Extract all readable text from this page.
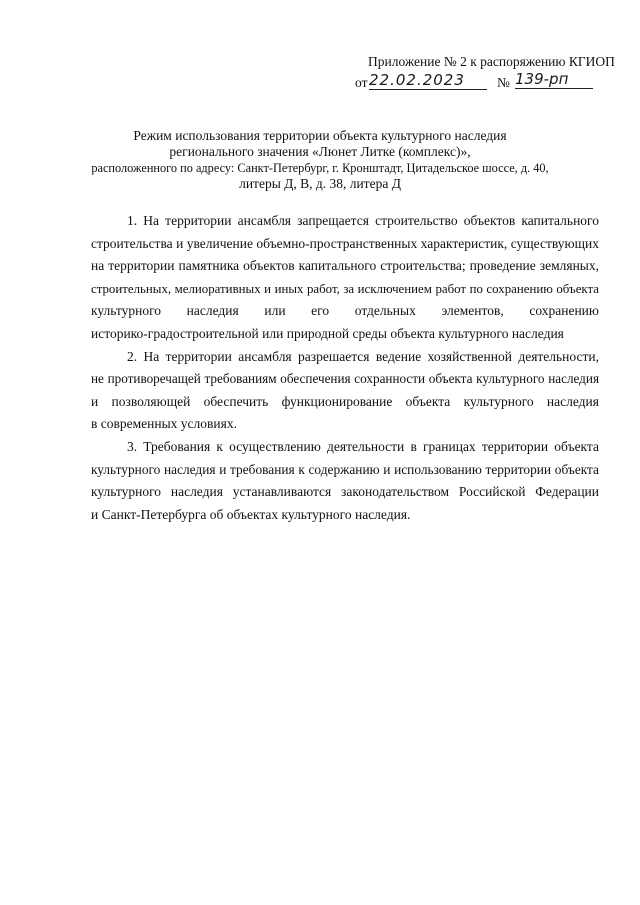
Приложение № 2 к распоряжению КГИОП
от 22.02.2023	№ 139-рп
Режим использования территории объекта культурного наследия
регионального значения «Люнет Литке (комплекс)»,
расположенного по адресу: Санкт-Петербург, г. Кронштадт, Цитадельское шоссе, д. 40,
литеры Д, В, д. 38, литера Д
1. На территории ансамбля запрещается строительство объектов капитального
строительства и увеличение объемно-пространственных характеристик, существующих
на территории памятника объектов капитального строительства; проведение земляных,
строительных, мелиоративных и иных работ, за исключением работ по сохранению объекта
культурного наследия или его отдельных элементов, сохранению
историко-градостроительной или природной среды объекта культурного наследия
2. На территории ансамбля разрешается ведение хозяйственной деятельности,
не противоречащей требованиям обеспечения сохранности объекта культурного наследия
и позволяющей обеспечить функционирование объекта культурного наследия
в современных условиях.
3. Требования к осуществлению деятельности в границах территории объекта
культурного наследия и требования к содержанию и использованию территории объекта
культурного наследия устанавливаются законодательством Российской Федерации
и Санкт-Петербурга об объектах культурного наследия.
